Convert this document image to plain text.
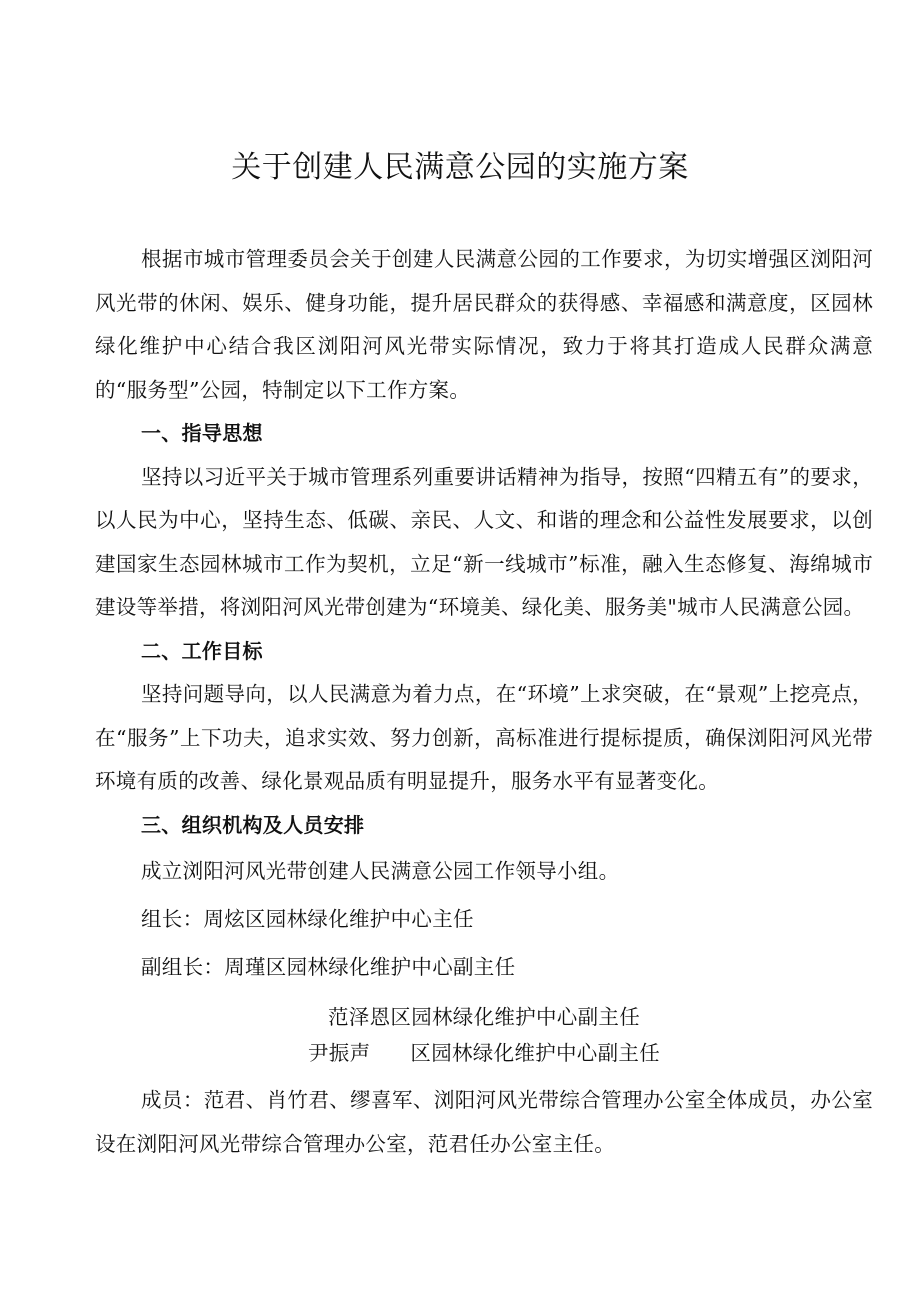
关于创建人民满意公园的实施方案

根据市城市管理委员会关于创建人民满意公园的工作要求，为切实增强区浏阳河风光带的休闲、娱乐、健身功能，提升居民群众的获得感、幸福感和满意度，区园林绿化维护中心结合我区浏阳河风光带实际情况，致力于将其打造成人民群众满意的“服务型”公园，特制定以下工作方案。

一、指导思想

坚持以习近平关于城市管理系列重要讲话精神为指导，按照“四精五有”的要求，以人民为中心，坚持生态、低碳、亲民、人文、和谐的理念和公益性发展要求，以创建国家生态园林城市工作为契机，立足“新一线城市”标准，融入生态修复、海绵城市建设等举措，将浏阳河风光带创建为“环境美、绿化美、服务美"城市人民满意公园。

二、工作目标

坚持问题导向，以人民满意为着力点，在“环境”上求突破，在“景观”上挖亮点，在“服务”上下功夫，追求实效、努力创新，高标准进行提标提质，确保浏阳河风光带环境有质的改善、绿化景观品质有明显提升，服务水平有显著变化。

三、组织机构及人员安排

成立浏阳河风光带创建人民满意公园工作领导小组。

组长：周炫区园林绿化维护中心主任

副组长：周瑾区园林绿化维护中心副主任

范泽恩区园林绿化维护中心副主任

尹振声 区园林绿化维护中心副主任

成员：范君、肖竹君、缪喜军、浏阳河风光带综合管理办公室全体成员，办公室设在浏阳河风光带综合管理办公室，范君任办公室主任。
